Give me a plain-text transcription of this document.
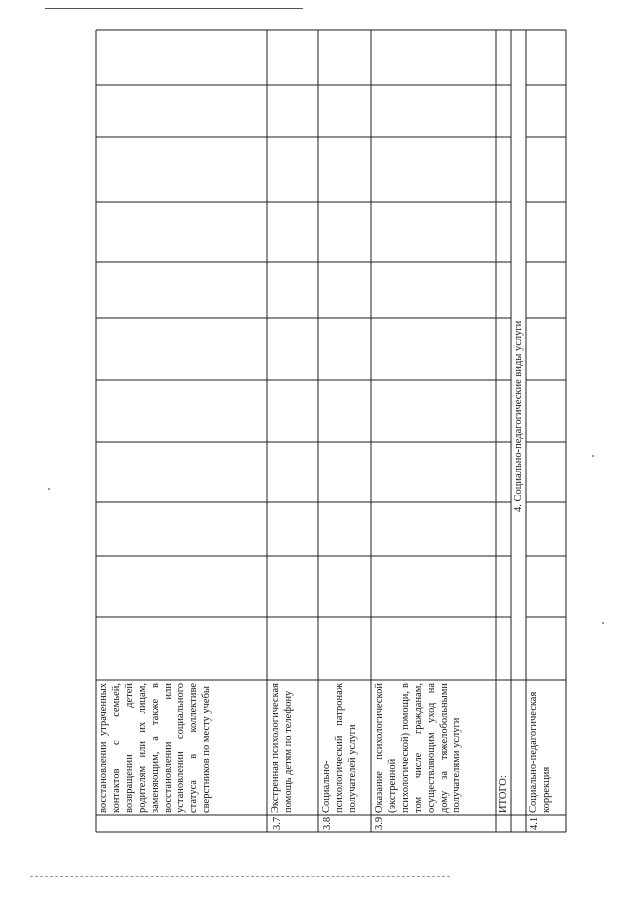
восстановлении утраченных контактов с семьей, возвращении детей родителям или их лицам, заменяющим, а также в восстановлении или установлении социального статуса в коллективе сверстников по месту учебы
3.7
Экстренная психологическая помощь детям по телефону
3.8
Социально-психологический патронаж получателей услуги
3.9
Оказание психологической (экстренной психологической) помощи, в том числе гражданам, осуществляющим уход на дому за тяжелобольными получателями услуги	ИТОГО:
4. Социально-педагогические виды услуги
4.1
Социально-педагогическая коррекция
